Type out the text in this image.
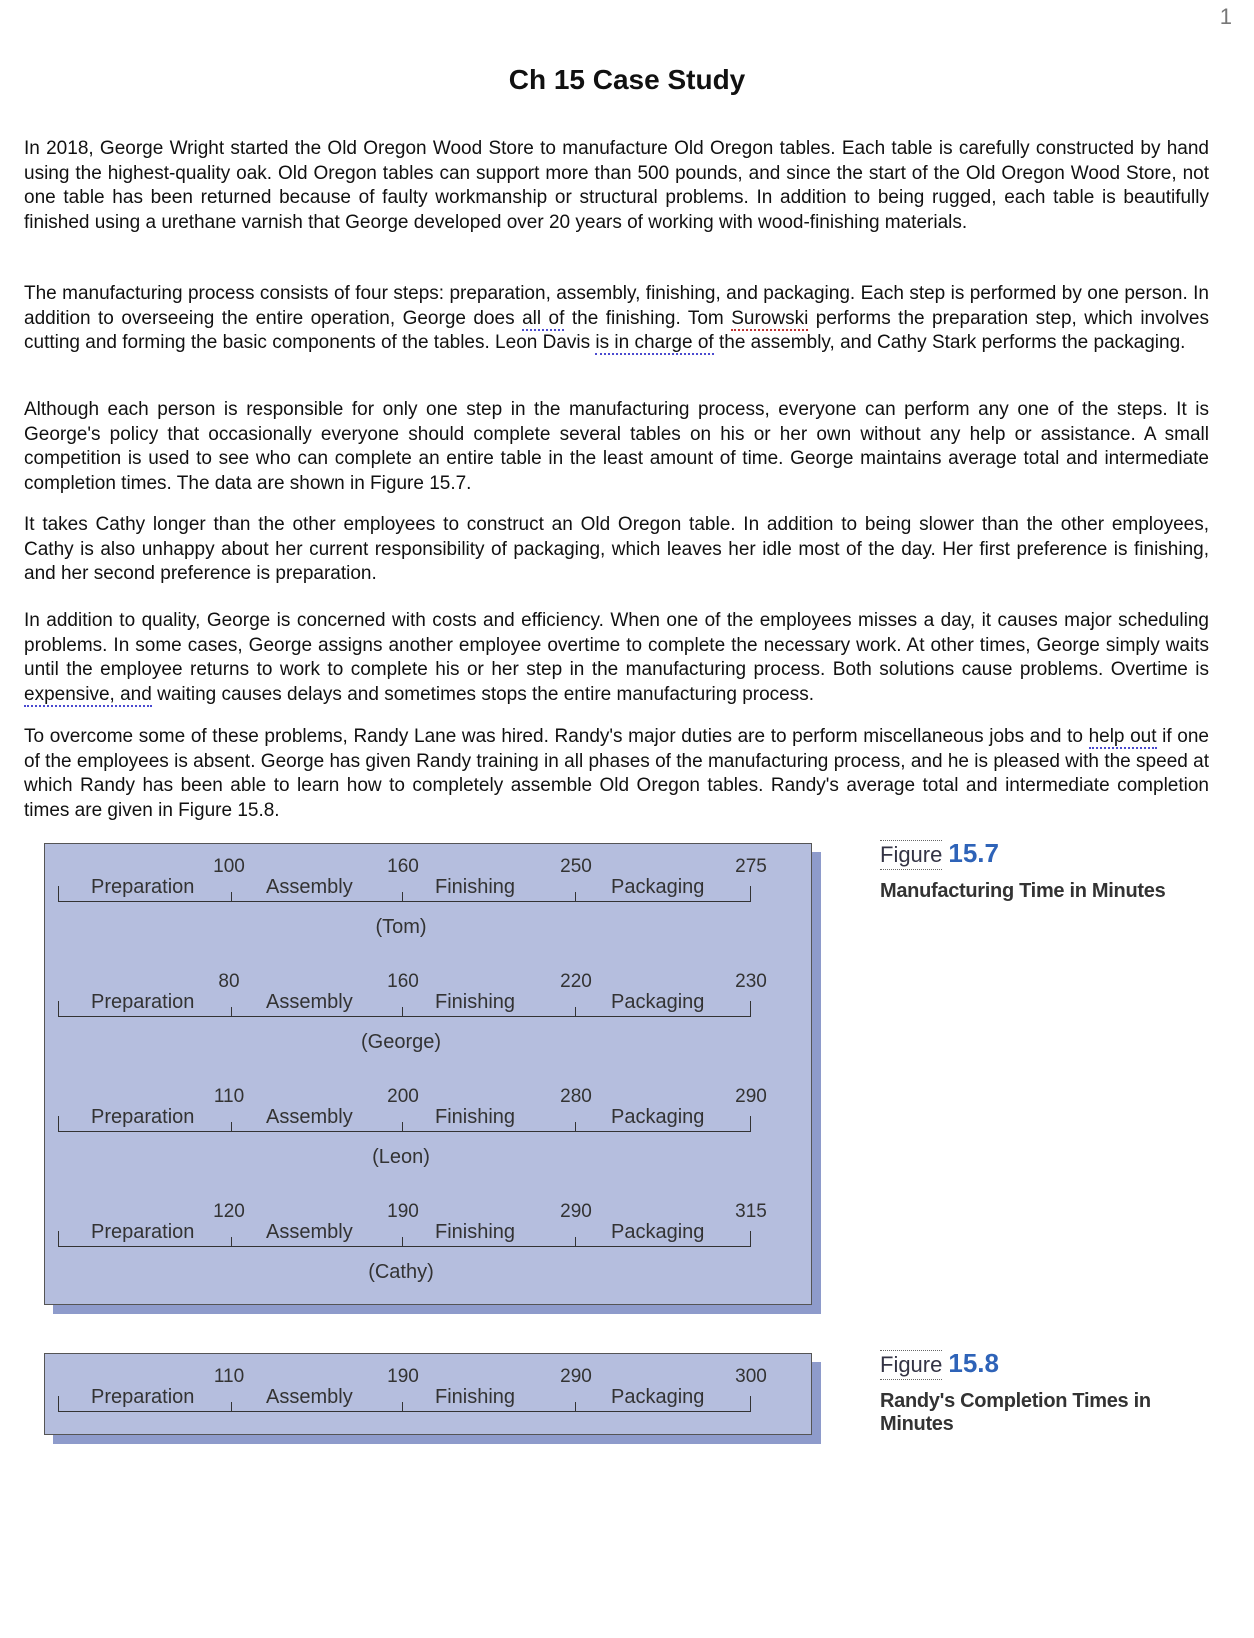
1
Ch 15 Case Study

In 2018, George Wright started the Old Oregon Wood Store to manufacture Old Oregon tables. Each table is carefully constructed by hand using the highest-quality oak. Old Oregon tables can support more than 500 pounds, and since the start of the Old Oregon Wood Store, not one table has been returned because of faulty workmanship or structural problems. In addition to being rugged, each table is beautifully finished using a urethane varnish that George developed over 20 years of working with wood-finishing materials.

The manufacturing process consists of four steps: preparation, assembly, finishing, and packaging. Each step is performed by one person. In addition to overseeing the entire operation, George does all of the finishing. Tom Surowski performs the preparation step, which involves cutting and forming the basic components of the tables. Leon Davis is in charge of the assembly, and Cathy Stark performs the packaging.

Although each person is responsible for only one step in the manufacturing process, everyone can perform any one of the steps. It is George's policy that occasionally everyone should complete several tables on his or her own without any help or assistance. A small competition is used to see who can complete an entire table in the least amount of time. George maintains average total and intermediate completion times. The data are shown in Figure 15.7.

It takes Cathy longer than the other employees to construct an Old Oregon table. In addition to being slower than the other employees, Cathy is also unhappy about her current responsibility of packaging, which leaves her idle most of the day. Her first preference is finishing, and her second preference is preparation.

In addition to quality, George is concerned with costs and efficiency. When one of the employees misses a day, it causes major scheduling problems. In some cases, George assigns another employee overtime to complete the necessary work. At other times, George simply waits until the employee returns to work to complete his or her step in the manufacturing process. Both solutions cause problems. Overtime is expensive, and waiting causes delays and sometimes stops the entire manufacturing process.

To overcome some of these problems, Randy Lane was hired. Randy's major duties are to perform miscellaneous jobs and to help out if one of the employees is absent. George has given Randy training in all phases of the manufacturing process, and he is pleased with the speed at which Randy has been able to learn how to completely assemble Old Oregon tables. Randy's average total and intermediate completion times are given in Figure 15.8.

Preparation
100
Assembly
160
Finishing
250
Packaging
275
(Tom)
Preparation
80
Assembly
160
Finishing
220
Packaging
230
(George)
Preparation
110
Assembly
200
Finishing
280
Packaging
290
(Leon)
Preparation
120
Assembly
190
Finishing
290
Packaging
315
(Cathy)
Figure 15.7
Manufacturing Time in Minutes
Preparation
110
Assembly
190
Finishing
290
Packaging
300	Figure 15.8
Randy's Completion Times in Minutes
